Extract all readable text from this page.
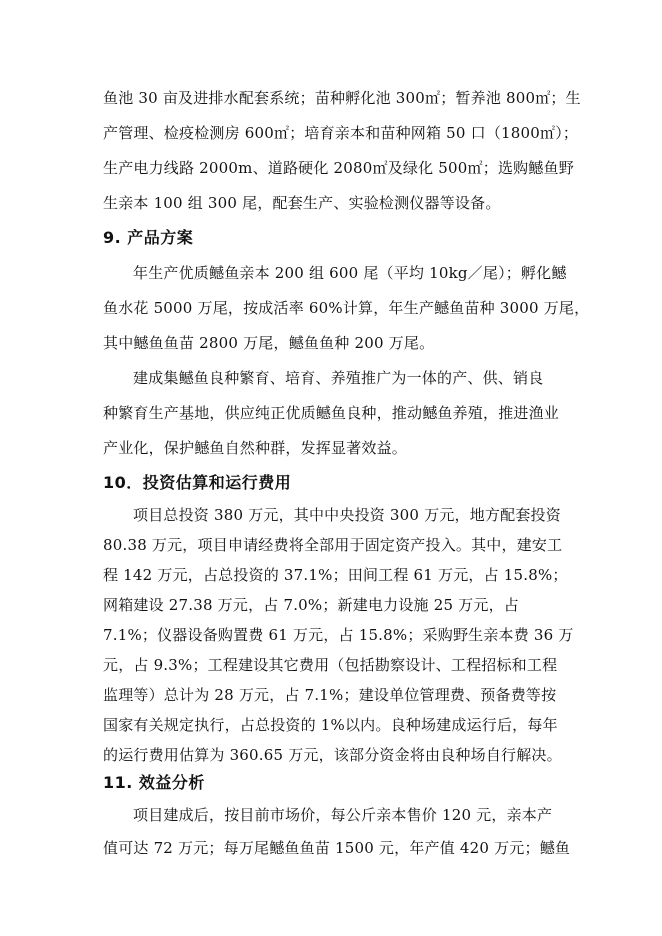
鱼池 30 亩及进排水配套系统；苗种孵化池 300㎡；暂养池 800㎡；生
产管理、检疫检测房 600㎡；培育亲本和苗种网箱 50 口（1800㎡）；
生产电力线路 2000m、道路硬化 2080㎡及绿化 500㎡；选购鳡鱼野
生亲本 100 组 300 尾，配套生产、实验检测仪器等设备。
9. 产品方案
年生产优质鳡鱼亲本 200 组 600 尾（平均 10kg／尾）；孵化鳡
鱼水花 5000 万尾，按成活率 60%计算，年生产鳡鱼苗种 3000 万尾，
其中鳡鱼鱼苗 2800 万尾，鳡鱼鱼种 200 万尾。
建成集鳡鱼良种繁育、培育、养殖推广为一体的产、供、销良
种繁育生产基地，供应纯正优质鳡鱼良种，推动鳡鱼养殖，推进渔业
产业化，保护鳡鱼自然种群，发挥显著效益。
10．投资估算和运行费用
项目总投资 380 万元，其中中央投资 300 万元，地方配套投资
80.38 万元，项目申请经费将全部用于固定资产投入。其中，建安工
程 142 万元，占总投资的 37.1%；田间工程 61 万元，占 15.8%；
网箱建设 27.38 万元，占 7.0%；新建电力设施 25 万元，占
7.1%；仪器设备购置费 61 万元，占 15.8%；采购野生亲本费 36 万
元，占 9.3%；工程建设其它费用（包括勘察设计、工程招标和工程
监理等）总计为 28 万元，占 7.1%；建设单位管理费、预备费等按
国家有关规定执行，占总投资的 1%以内。良种场建成运行后，每年
的运行费用估算为 360.65 万元，该部分资金将由良种场自行解决。
11. 效益分析
项目建成后，按目前市场价，每公斤亲本售价 120 元，亲本产
值可达 72 万元；每万尾鳡鱼鱼苗 1500 元，年产值 420 万元；鳡鱼
